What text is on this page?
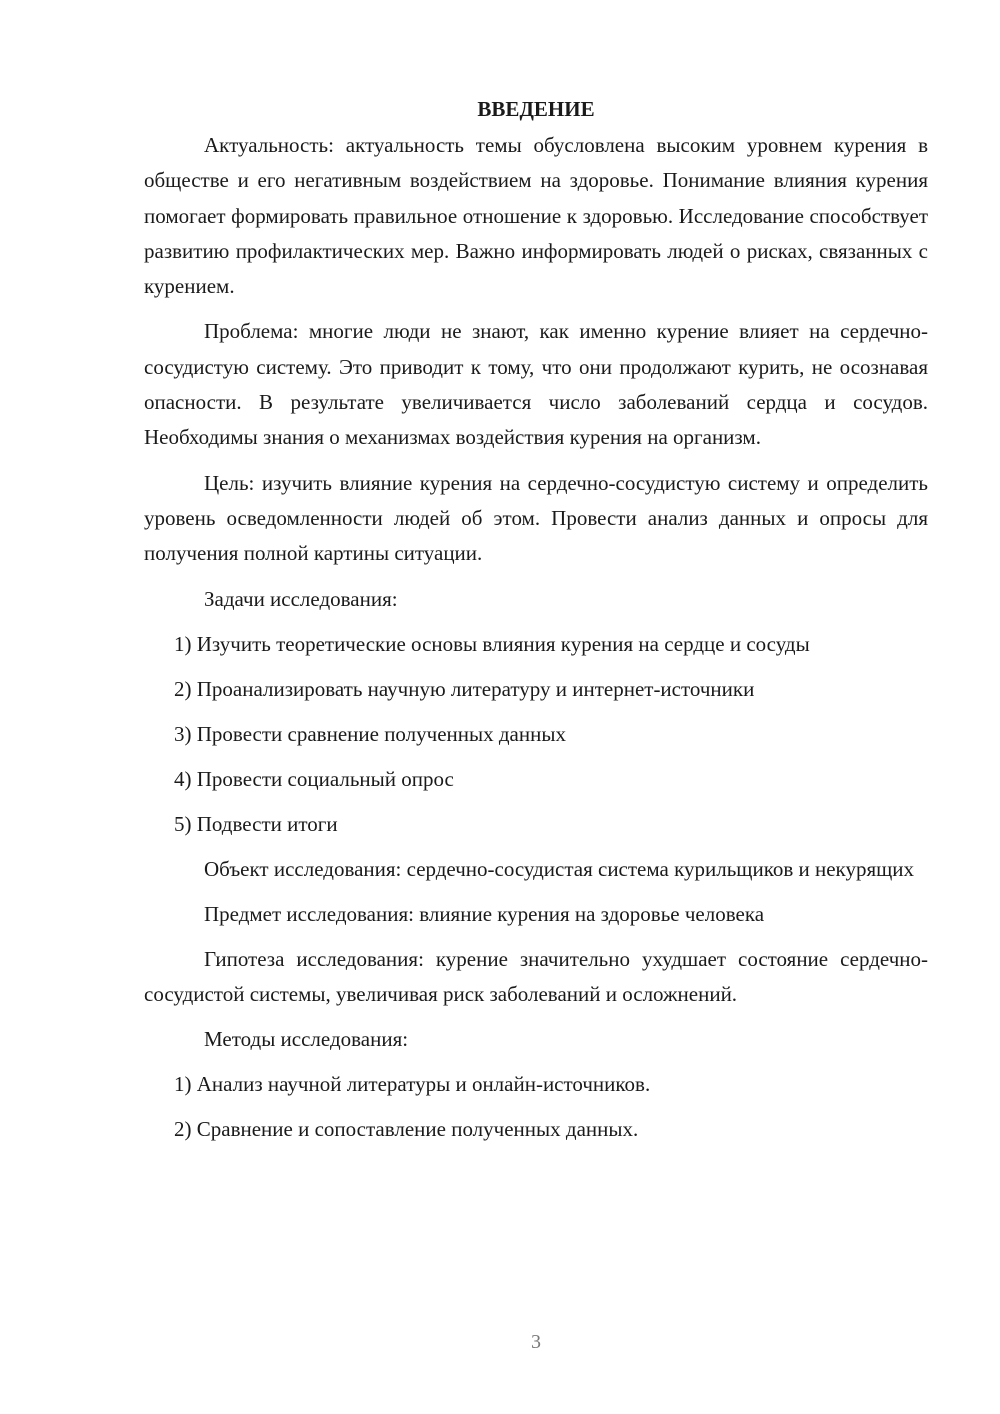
ВВЕДЕНИЕ

Актуальность: актуальность темы обусловлена высоким уровнем курения в обществе и его негативным воздействием на здоровье. Понимание влияния курения помогает формировать правильное отношение к здоровью. Исследование способствует развитию профилактических мер. Важно информировать людей о рисках, связанных с курением.

Проблема: многие люди не знают, как именно курение влияет на сердечно-сосудистую систему. Это приводит к тому, что они продолжают курить, не осознавая опасности. В результате увеличивается число заболеваний сердца и сосудов. Необходимы знания о механизмах воздействия курения на организм.

Цель: изучить влияние курения на сердечно-сосудистую систему и определить уровень осведомленности людей об этом. Провести анализ данных и опросы для получения полной картины ситуации.

Задачи исследования:

1) Изучить теоретические основы влияния курения на сердце и сосуды

2) Проанализировать научную литературу и интернет-источники

3) Провести сравнение полученных данных

4) Провести социальный опрос

5) Подвести итоги

Объект исследования: сердечно-сосудистая система курильщиков и некурящих

Предмет исследования: влияние курения на здоровье человека

Гипотеза исследования: курение значительно ухудшает состояние сердечно-сосудистой системы, увеличивая риск заболеваний и осложнений.

Методы исследования:

1) Анализ научной литературы и онлайн-источников.

2) Сравнение и сопоставление полученных данных.

3
